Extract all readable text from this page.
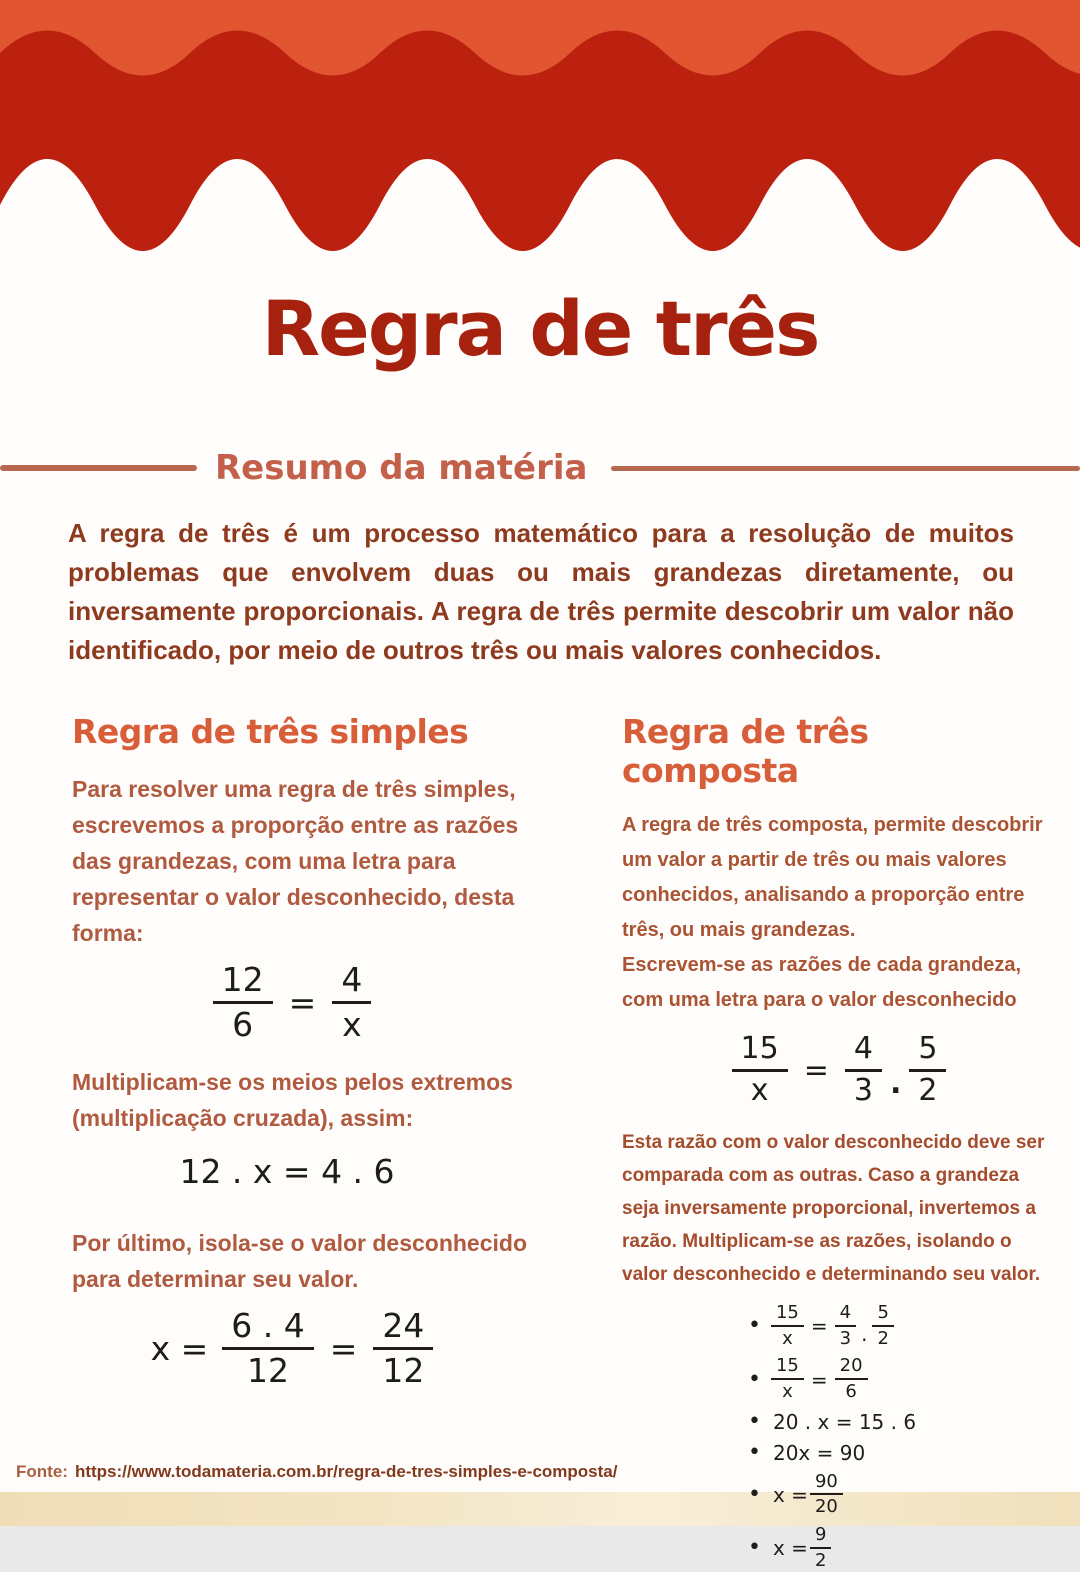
Regra de três
Resumo da matéria

A regra de três é um processo matemático para a resolução de muitos problemas que envolvem duas ou mais grandezas diretamente, ou inversamente proporcionais. A regra de três permite descobrir um valor não identificado, por meio de outros três ou mais valores conhecidos.

Regra de três simples

Para resolver uma regra de três simples, escrevemos a proporção entre as razões das grandezas, com uma letra para representar o valor desconhecido, desta forma:

$\frac{12}{6} = \frac{4}{x}$

Multiplicam-se os meios pelos extremos (multiplicação cruzada), assim:

12 . x = 4 . 6

Por último, isola-se o valor desconhecido para determinar seu valor.

$x = \frac{6 . 4}{12} = \frac{24}{12}$
Regra de três composta

A regra de três composta, permite descobrir um valor a partir de três ou mais valores conhecidos, analisando a proporção entre três, ou mais grandezas.

Escrevem-se as razões de cada grandeza, com uma letra para o valor desconhecido

$\frac{15}{x} = \frac{4}{3}$ . $\frac{5}{2}$

Esta razão com o valor desconhecido deve ser comparada com as outras. Caso a grandeza seja inversamente proporcional, invertemos a razão. Multiplicam-se as razões, isolando o valor desconhecido e determinando seu valor.

• $\frac{15}{x} = \frac{4}{3}$ . $\frac{5}{2}$
• $\frac{15}{x} = \frac{20}{6}$
• 20 . x = 15 . 6
• 20x = 90
• $x = \frac{90}{20}$
• $x = \frac{9}{2}$
Fonte: https://www.todamateria.com.br/regra-de-tres-simples-e-composta/
